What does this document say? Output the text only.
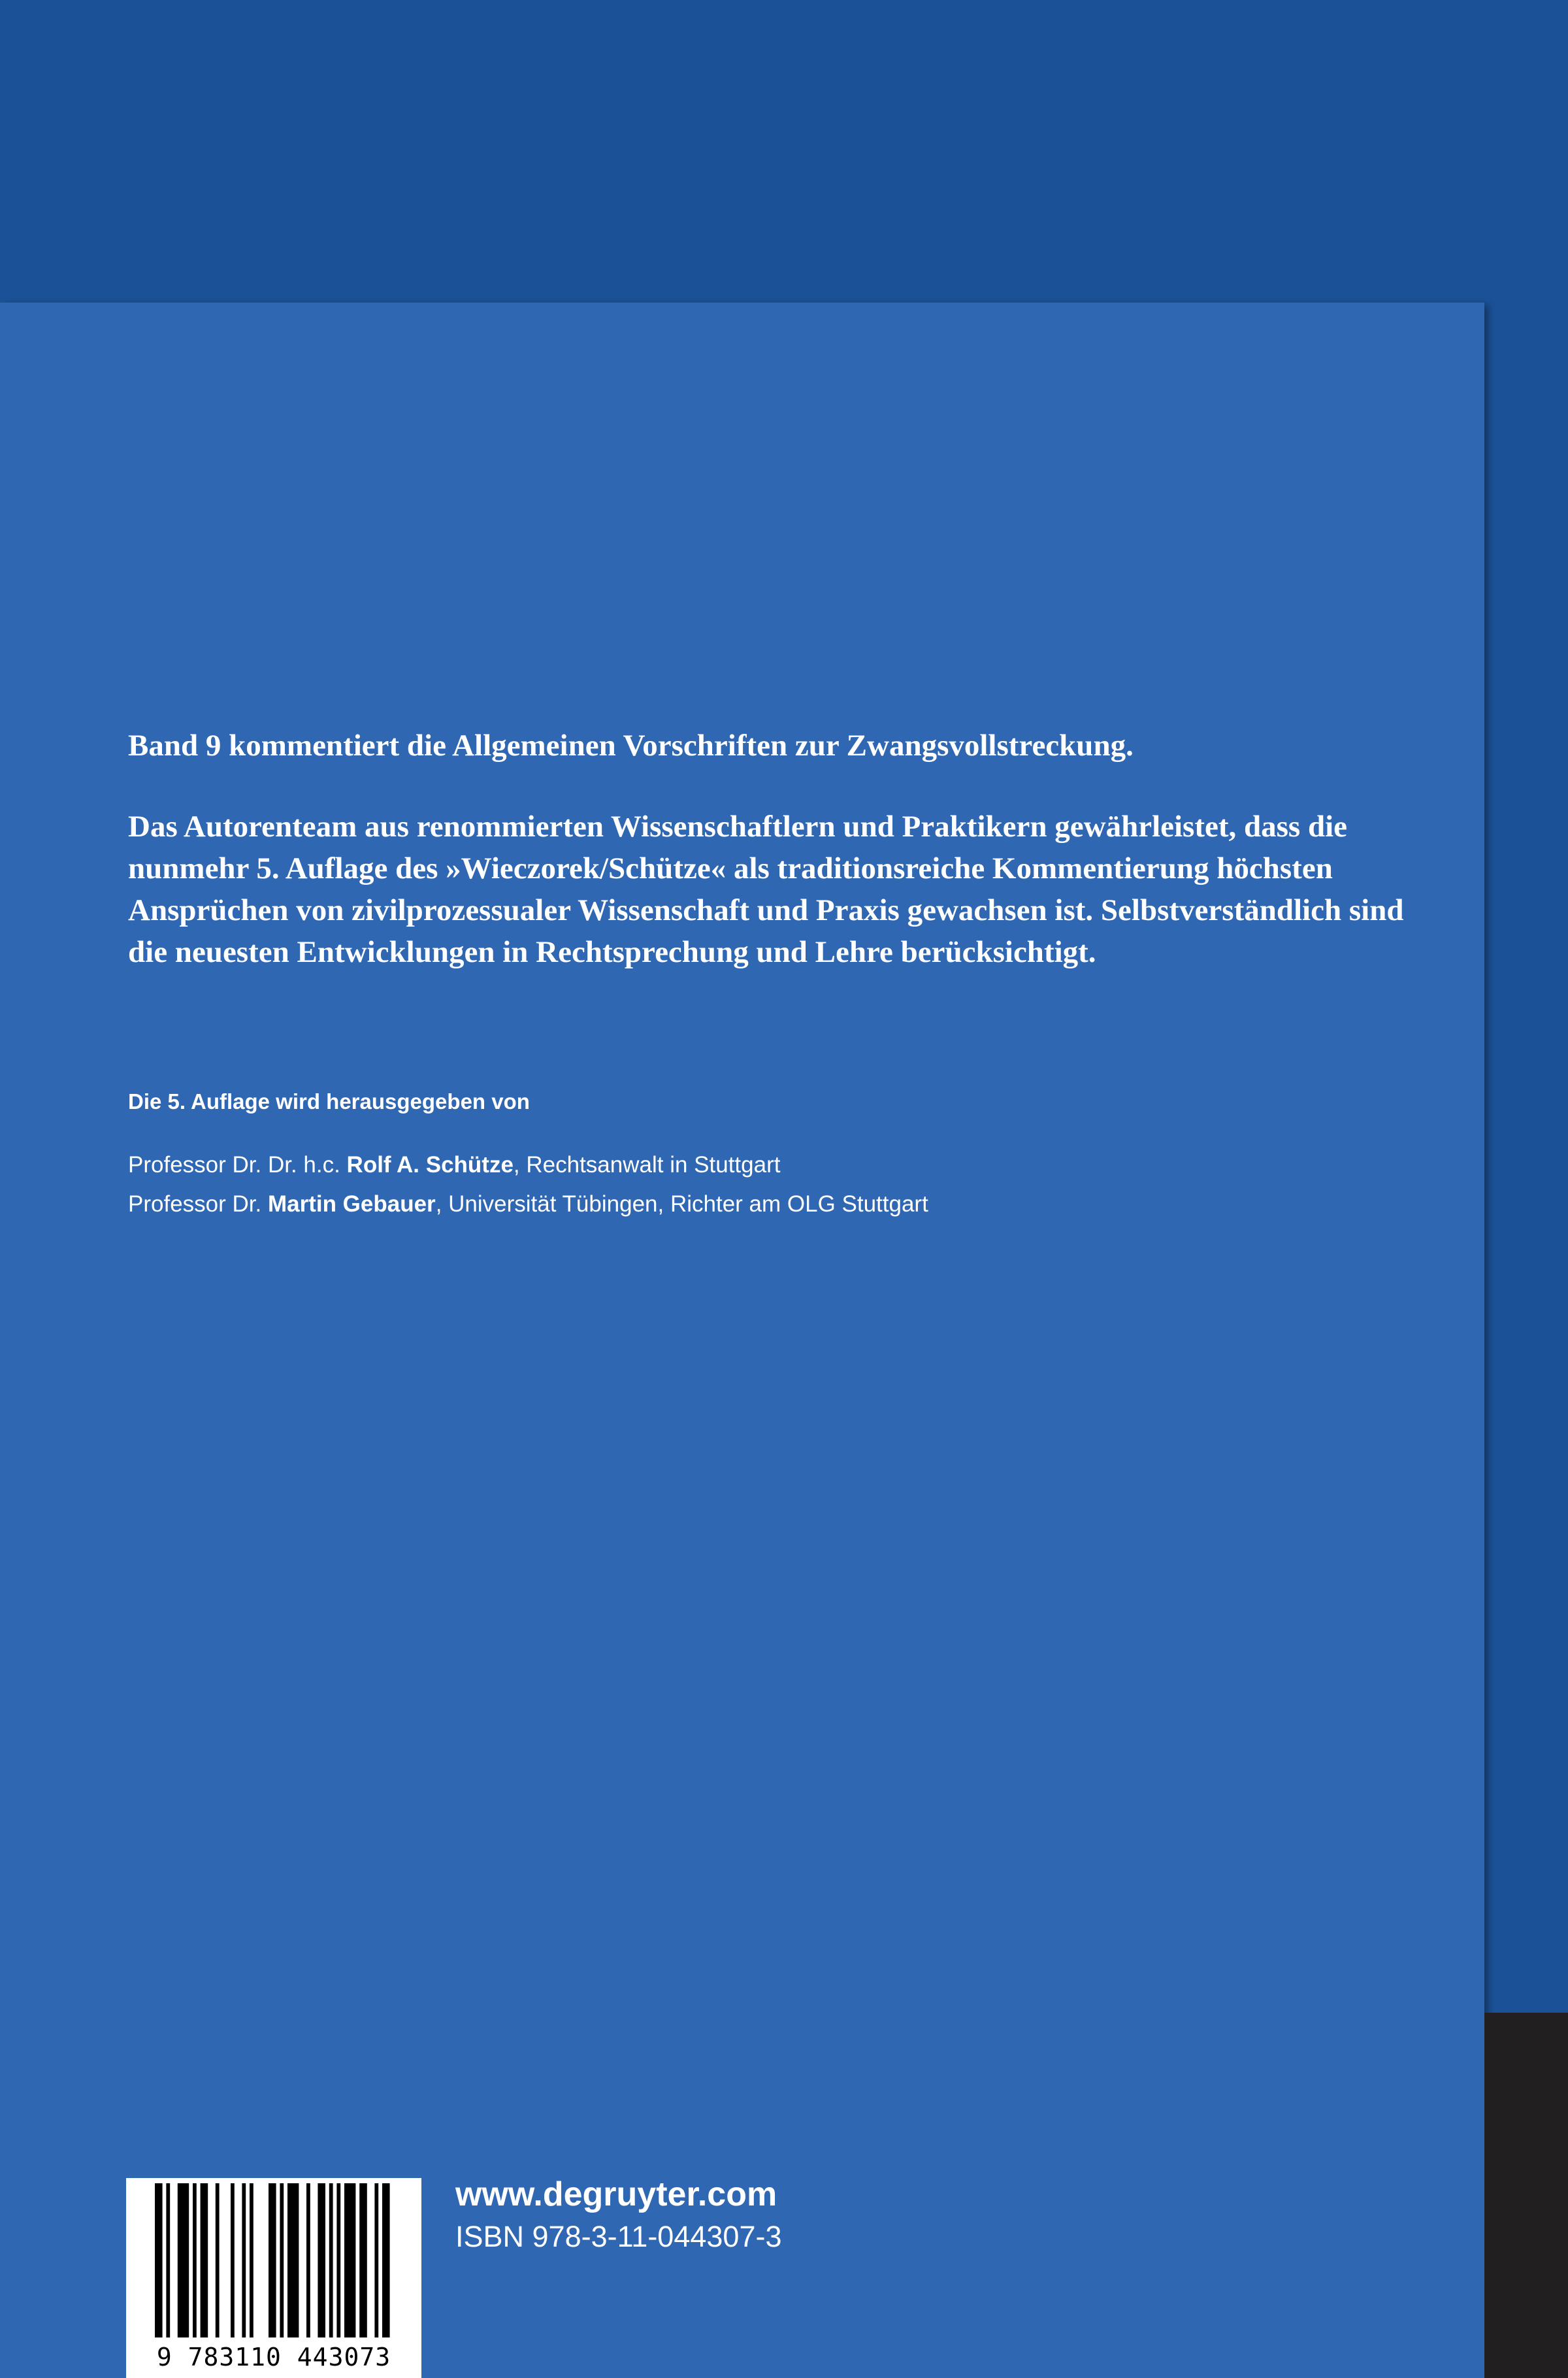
Band 9 kommentiert die Allgemeinen Vorschriften zur Zwangsvollstreckung.

Das Autorenteam aus renommierten Wissenschaftlern und Praktikern gewährleistet, dass die nunmehr 5. Auflage des »Wieczorek/Schütze« als traditionsreiche Kommentierung höchsten Ansprüchen von zivilprozessualer Wissenschaft und Praxis gewachsen ist. Selbstverständlich sind die neuesten Entwicklungen in Rechtsprechung und Lehre berücksichtigt.

Die 5. Auflage wird herausgegeben von
Professor Dr. Dr. h.c. Rolf A. Schütze, Rechtsanwalt in Stuttgart
Professor Dr. Martin Gebauer, Universität Tübingen, Richter am OLG Stuttgart
9 783110 443073
www.degruyter.com
ISBN 978-3-11-044307-3
